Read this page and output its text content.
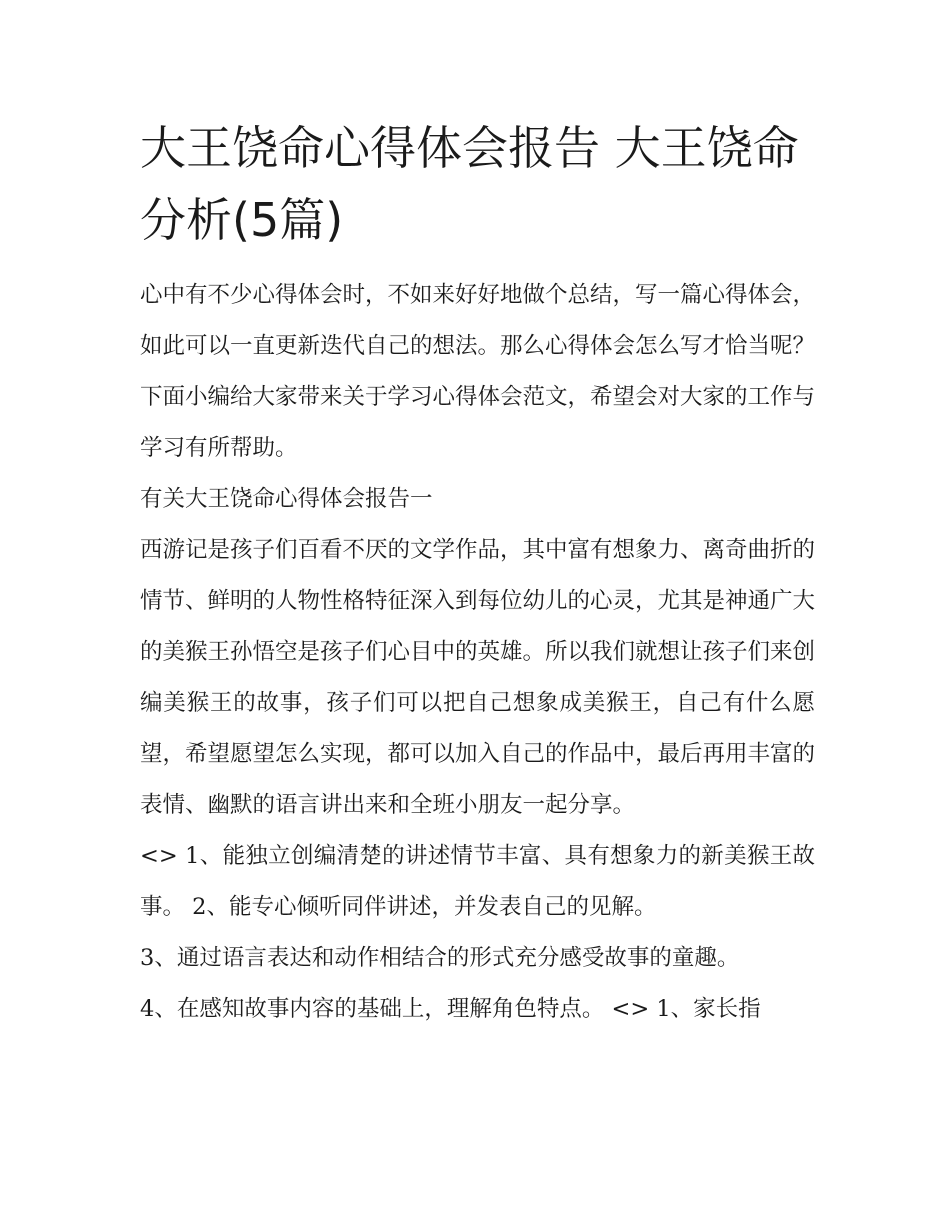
大王饶命心得体会报告 大王饶命分析(5篇)

心中有不少心得体会时，不如来好好地做个总结，写一篇心得体会，如此可以一直更新迭代自己的想法。那么心得体会怎么写才恰当呢？下面小编给大家带来关于学习心得体会范文，希望会对大家的工作与学习有所帮助。

有关大王饶命心得体会报告一

西游记是孩子们百看不厌的文学作品，其中富有想象力、离奇曲折的情节、鲜明的人物性格特征深入到每位幼儿的心灵，尤其是神通广大的美猴王孙悟空是孩子们心目中的英雄。所以我们就想让孩子们来创编美猴王的故事，孩子们可以把自己想象成美猴王，自己有什么愿望，希望愿望怎么实现，都可以加入自己的作品中，最后再用丰富的表情、幽默的语言讲出来和全班小朋友一起分享。

<> 1、能独立创编清楚的讲述情节丰富、具有想象力的新美猴王故事。 2、能专心倾听同伴讲述，并发表自己的见解。

3、通过语言表达和动作相结合的形式充分感受故事的童趣。

4、在感知故事内容的基础上，理解角色特点。 <> 1、家长指
